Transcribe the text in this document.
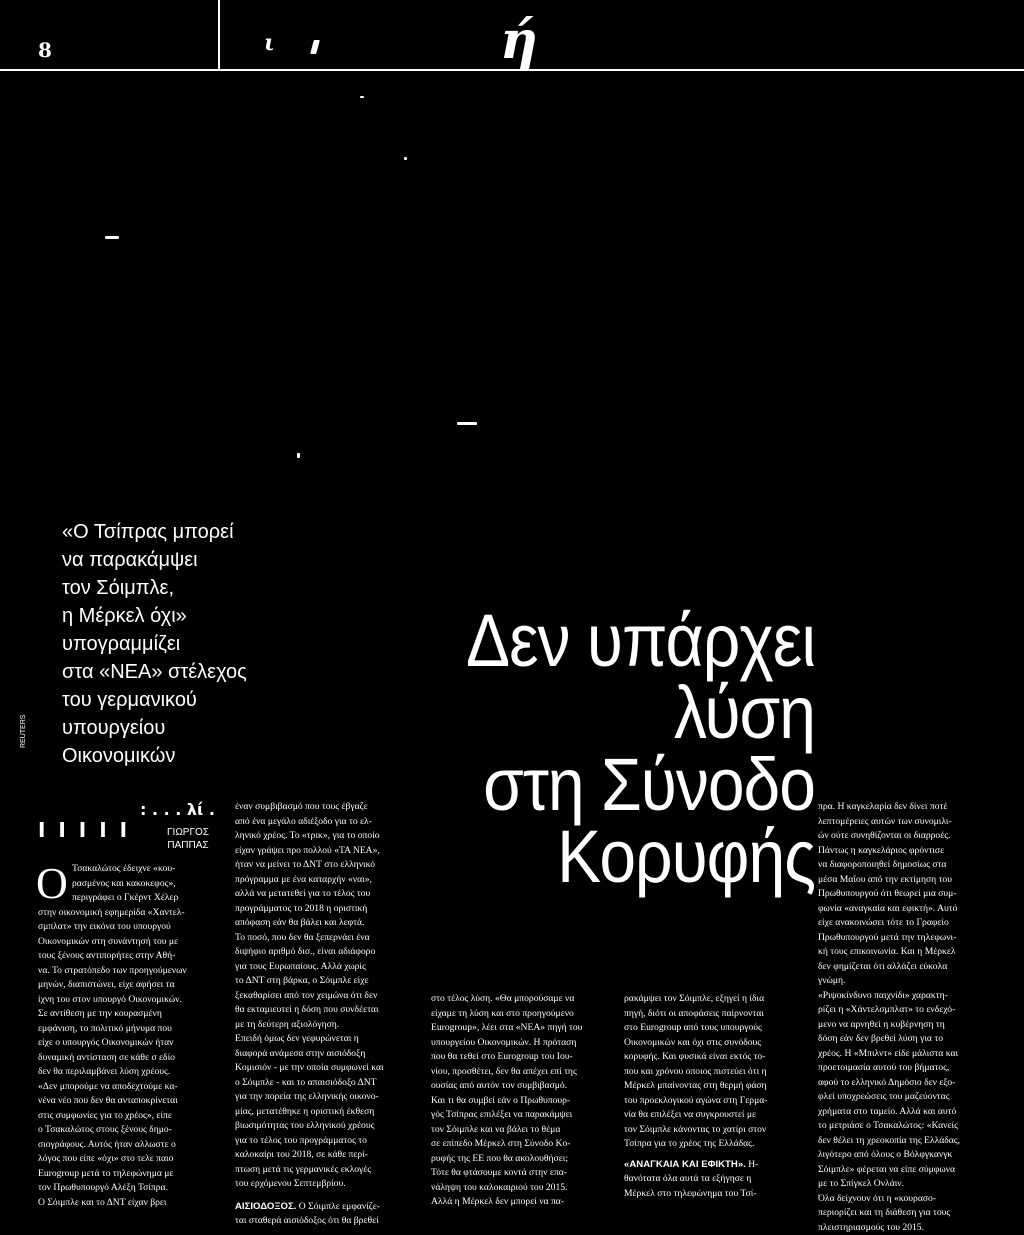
8	ι	ή
«Ο Τσίπρας μπορεί
να παρακάμψει
τον Σόιμπλε,
η Μέρκελ όχι»
υπογραμμίζει
στα «ΝΕΑ» στέλεχος
του γερμανικού
υπουργείου
Οικονομικών
REUTERS
Δεν υπάρχει
λύση
στη Σύνοδο
Κορυφής
: . . . λί .
I I I I I	ΓΙΩΡΓΟΣ
ΠΑΠΠΑΣ
Ο Τσακαλώτος έδειχνε «κου-
ρασμένος και κακοκεφος»,
περιγράφει ο Γκέρντ Χέλερ
στην οικονομική εφημερίδα «Χαντελ-
σμπλατ» την εικόνα του υπουργού
Οικονομικών στη συνάντησή του με
τους ξένους αντιπορήτες στην Αθή-
να. Το στρατόπεδο των προηγούμενων
μηνών, διαπιστώνει, είχε αφήσει τα
ίχνη του στον υπουργό Οικονομικών.
Σε αντίθεση με την κουρασμένη
εμφάνιση, το πολιτικό μήνυμα που
είχε ο υπουργός Οικονομικών ήταν
δυναμική αντίσταση σε κάθε σ εδίο
δεν θα περιλαμβάνει λύση χρέους.
«Δεν μπορούμε να αποδεχτούμε κα-
νένα νέο που δεν θα ανταποκρίνεται
στις συμφωνίες για το χρέος», είπε
ο Τσακαλώτος στους ξένους δημο-
σιογράφους. Αυτός ήταν αλλωστε ο
λόγος που είπε «όχι» στο τελε παιο
Eurogroup μετά το τηλεφώνημα με
τον Πρωθυπουργό Αλέξη Τσίπρα.
Ο Σόιμπλε και το ΔΝΤ είχαν βρει
έναν συμβιβασμό που τους έβγαζε
από ένα μεγάλο αδιέξοδο για το ελ-
ληνικό χρέος. Το «τρικ», για το οποίο
είχαν γράψει προ πολλού «ΤΑ ΝΕΑ»,
ήταν να μείνει το ΔΝΤ στο ελληνικό
πρόγραμμα με ένα καταρχήν «ναι»,
αλλά να μετατεθεί για το τέλος του
προγράμματος το 2018 η οριστική
απόφαση εάν θα βάλει και λεφτά.
Το ποσό, που δεν θα ξεπερνάει ένα
διψήφιο αριθμό δισ., είναι αδιάφορο
για τους Ευρωπαίους. Αλλά χωρίς
το ΔΝΤ στη βάρκα, ο Σόιμπλε είχε
ξεκαθαρίσει από τον χειμώνα ότι δεν
θα εκταμιευτεί η δόση που συνδέεται
με τη δεύτερη αξιολόγηση.
Επειδή όμως δεν γεφυρώνεται η
διαφορά ανάμεσα στην αισιόδοξη
Κομισιόν - με την οποία συμφωνεί και
ο Σόιμπλε - και το απαισιόδοξο ΔΝΤ
για την πορεία της ελληνικής οικονο-
μίας, μετατέθηκε η οριστική έκθεση
βιωσιμότητας του ελληνικού χρέους
για το τέλος του προγράμματος το
καλοκαίρι του 2018, σε κάθε περί-
πτωση μετά τις γερμανικές εκλογές
του ερχόμενου Σεπτεμβρίου.
ΑΙΣΙΟΔΟΞΟΣ. Ο Σόιμπλε εμφανίζε-
ται σταθερά αισιόδοξος ότι θα βρεθεί
στο τέλος λύση. «Θα μπορούσαμε να
είχαμε τη λύση και στο προηγούμενο
Eurogroup», λέει στα «ΝΕΑ» πηγή του
υπουργείου Οικονομικών. Η πρόταση
που θα τεθεί στο Eurogroup του Ιου-
νίου, προσθέτει, δεν θα απέχει επί της
ουσίας από αυτόν τον συμβιβασμό.
Και τι θα συμβεί εάν ο Πρωθυπουρ-
γός Τσίπρας επιλέξει να παρακάμψει
τον Σόιμπλε και να βάλει το θέμα
σε επίπεδο Μέρκελ στη Σύνοδο Κο-
ρυφής της ΕΕ που θα ακολουθήσει;
Τότε θα φτάσουμε κοντά στην επα-
νάληψη του καλοκαιριού του 2015.
Αλλά η Μέρκελ δεν μπορεί να πα-
ρακάμψει τον Σόιμπλε, εξηγεί η ίδια
πηγή, διότι οι αποφάσεις παίρνονται
στο Eurogroup από τους υπουργούς
Οικονομικών και όχι στις συνόδους
κορυφής. Και φυσικά είναι εκτός το-
που και χρόνου οποιος πιστεύει ότι η
Μέρκελ μπαίνοντας στη θερμή φάση
του προεκλογικού αγώνα στη Γερμα-
νία θα επιλέξει να συγκρουστεί με
τον Σόιμπλε κάνοντας το χατίρι στον
Τσίπρα για το χρέος της Ελλάδας.
«ΑΝΑΓΚΑΙΑ ΚΑΙ ΕΦΙΚΤΗ». Η-
θανότατα όλα αυτά τα εξήγησε η
Μέρκελ στο τηλεφώνημα του Τσί-
πρα. Η καγκελαρία δεν δίνει ποτέ
λεπτομέρειες αυτών των συνομιλι-
ών ούτε συνηθίζονται οι διαρροές.
Πάντως η καγκελάριος φρόντισε
να διαφοροποιηθεί δημοσίως στα
μέσα Μαΐου από την εκτίμηση του
Πρωθυπουργού ότι θεωρεί μια συμ-
φωνία «αναγκαία και εφικτή». Αυτό
είχε ανακοινώσει τότε το Γραφείο
Πρωθυπουργού μετά την τηλεφωνι-
κή τους επικοινωνία. Και η Μέρκελ
δεν φημίζεται ότι αλλάζει εύκολα
γνώμη.
«Ριψοκίνδυνο παιχνίδι» χαρακτη-
ρίζει η «Χάντελσμπλατ» το ενδεχό-
μενο να αρνηθεί η κυβέρνηση τη
δόση εάν δεν βρεθεί λύση για το
χρέος. Η «Μπιλντ» είδε μάλιστα και
προετοιμασία αυτού του βήματος,
αφού το ελληνικό Δημόσιο δεν εξο-
φλεί υποχρεώσεις του μαζεύοντας
χρήματα στο ταμείο. Αλλά και αυτό
το μετριάσε ο Τσακαλώτος: «Κανείς
δεν θέλει τη χρεοκοπία της Ελλάδας,
λιγότερο από όλους ο Βόλφγκανγκ
Σόιμπλε» φέρεται να είπε σύμφωνα
με το Σπίγκελ Ονλάιν.
Όλα δείχνουν ότι η «κουρασο-
περιορίζει και τη διάθεση για τους
πλειστηριασμούς του 2015.
